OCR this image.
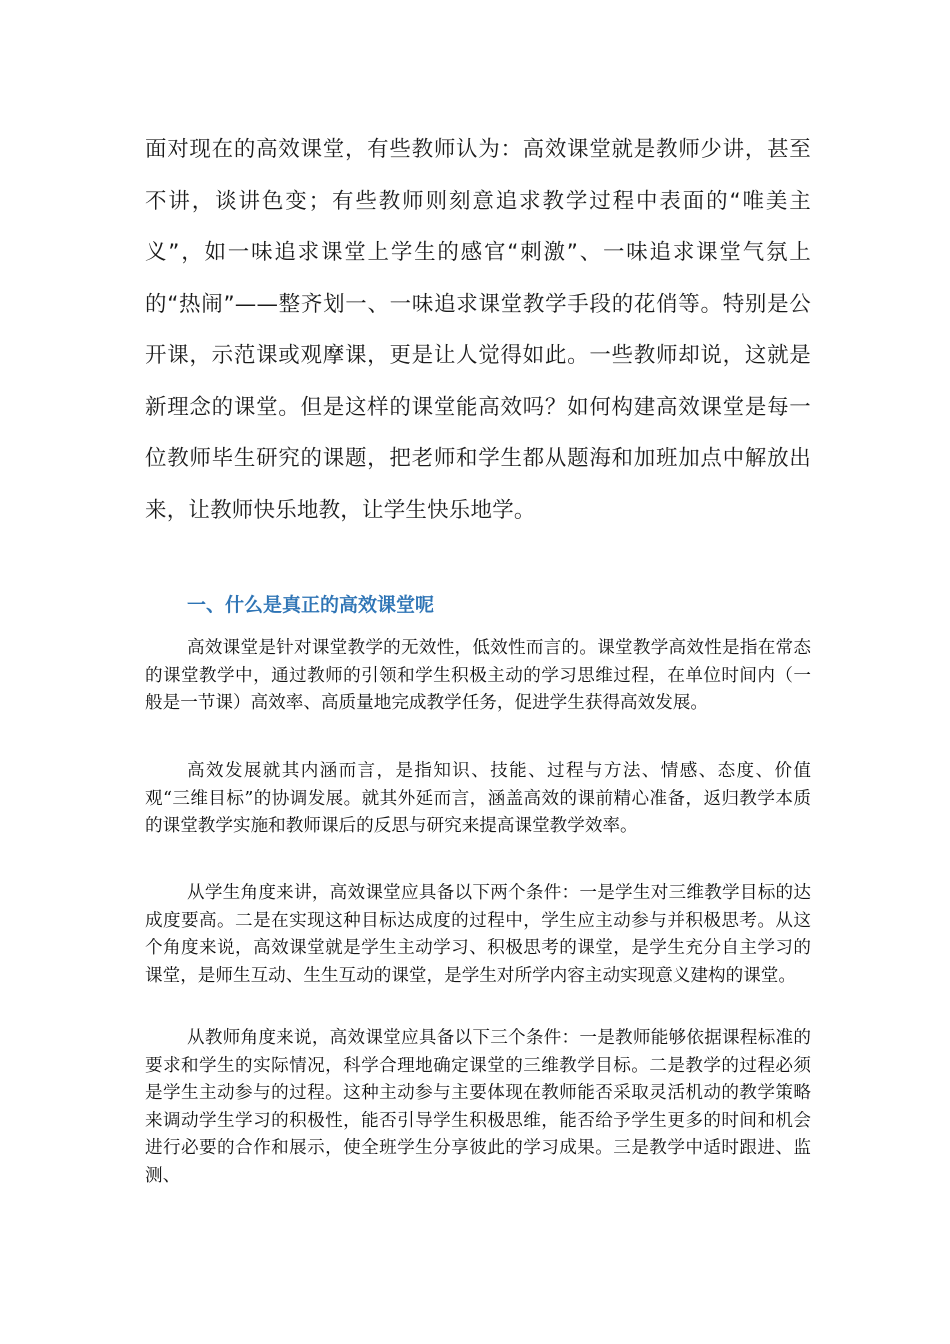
面对现在的高效课堂，有些教师认为：高效课堂就是教师少讲，甚至不讲，谈讲色变；有些教师则刻意追求教学过程中表面的“唯美主义”，如一味追求课堂上学生的感官“刺激”、一味追求课堂气氛上的“热闹”——整齐划一、一味追求课堂教学手段的花俏等。特别是公开课，示范课或观摩课，更是让人觉得如此。一些教师却说，这就是新理念的课堂。但是这样的课堂能高效吗？如何构建高效课堂是每一位教师毕生研究的课题，把老师和学生都从题海和加班加点中解放出来，让教师快乐地教，让学生快乐地学。

一、什么是真正的高效课堂呢

高效课堂是针对课堂教学的无效性，低效性而言的。课堂教学高效性是指在常态的课堂教学中，通过教师的引领和学生积极主动的学习思维过程，在单位时间内（一般是一节课）高效率、高质量地完成教学任务，促进学生获得高效发展。

高效发展就其内涵而言，是指知识、技能、过程与方法、情感、态度、价值观“三维目标”的协调发展。就其外延而言，涵盖高效的课前精心准备，返归教学本质的课堂教学实施和教师课后的反思与研究来提高课堂教学效率。

从学生角度来讲，高效课堂应具备以下两个条件：一是学生对三维教学目标的达成度要高。二是在实现这种目标达成度的过程中，学生应主动参与并积极思考。从这个角度来说，高效课堂就是学生主动学习、积极思考的课堂，是学生充分自主学习的课堂，是师生互动、生生互动的课堂，是学生对所学内容主动实现意义建构的课堂。

从教师角度来说，高效课堂应具备以下三个条件：一是教师能够依据课程标准的要求和学生的实际情况，科学合理地确定课堂的三维教学目标。二是教学的过程必须是学生主动参与的过程。这种主动参与主要体现在教师能否采取灵活机动的教学策略来调动学生学习的积极性，能否引导学生积极思维，能否给予学生更多的时间和机会进行必要的合作和展示，使全班学生分享彼此的学习成果。三是教学中适时跟进、监测、
